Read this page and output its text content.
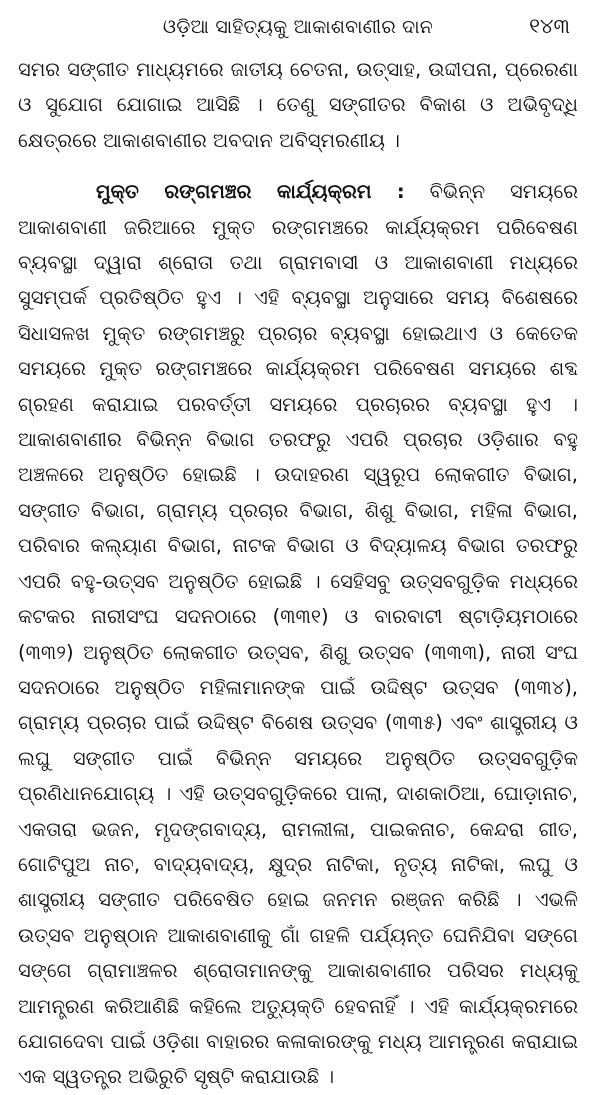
ଓଡ଼ିଆ ସାହିତ୍ୟକୁ ଆକାଶବାଣୀର ଦାନ	୧୪୩

ସମର ସଙ୍ଗୀତ ମାଧ୍ୟମରେ ଜାତୀୟ ଚେତନା, ଉତ୍ସାହ, ଉଦ୍ଦୀପନା, ପ୍ରେରଣା ଓ ସୁଯୋଗ ଯୋଗାଇ ଆସିଛି । ତେଣୁ ସଙ୍ଗୀତର ବିକାଶ ଓ ଅଭିବୃଦ୍ଧି କ୍ଷେତ୍ରରେ ଆକାଶବାଣୀର ଅବଦାନ ଅବିସ୍ମରଣୀୟ ।

ମୁକ୍ତ ରଙ୍ଗମଞ୍ଚର କାର୍ଯ୍ୟକ୍ରମ : ବିଭିନ୍ନ ସମୟରେ ଆକାଶବାଣୀ ଜରିଆରେ ମୁକ୍ତ ରଙ୍ଗମଞ୍ଚରେ କାର୍ଯ୍ୟକ୍ରମ ପରିବେଷଣ ବ୍ୟବସ୍ଥା ଦ୍ୱାରା ଶ୍ରୋତା ତଥା ଗ୍ରାମବାସୀ ଓ ଆକାଶବାଣୀ ମଧ୍ୟରେ ସୁସମ୍ପର୍କ ପ୍ରତିଷ୍ଠିତ ହୁଏ । ଏହି ବ୍ୟବସ୍ଥା ଅନୁସାରେ ସମୟ ବିଶେଷରେ ସିଧାସଳଖ ମୁକ୍ତ ରଙ୍ଗମଞ୍ଚରୁ ପ୍ରଚାର ବ୍ୟବସ୍ଥା ହୋଇଥାଏ ଓ କେତେକ ସମୟରେ ମୁକ୍ତ ରଙ୍ଗମଞ୍ଚରେ କାର୍ଯ୍ୟକ୍ରମ ପରିବେଷଣ ସମୟରେ ଶବ୍ଦ ଗ୍ରହଣ କରାଯାଇ ପରବର୍ତ୍ତୀ ସମୟରେ ପ୍ରଚାରର ବ୍ୟବସ୍ଥା ହୁଏ । ଆକାଶବାଣୀର ବିଭିନ୍ନ ବିଭାଗ ତରଫରୁ ଏପରି ପ୍ରଚାର ଓଡ଼ିଶାର ବହୁ ଅଞ୍ଚଳରେ ଅନୁଷ୍ଠିତ ହୋଇଛି । ଉଦାହରଣ ସ୍ୱରୂପ ଲୋକଗୀତ ବିଭାଗ, ସଙ୍ଗୀତ ବିଭାଗ, ଗ୍ରାମ୍ୟ ପ୍ରଚାର ବିଭାଗ, ଶିଶୁ ବିଭାଗ, ମହିଳା ବିଭାଗ, ପରିବାର କଲ୍ୟାଣ ବିଭାଗ, ନାଟକ ବିଭାଗ ଓ ବିଦ୍ୟାଳୟ ବିଭାଗ ତରଫରୁ ଏପରି ବହୁ-ଉତ୍ସବ ଅନୁଷ୍ଠିତ ହୋଇଛି । ସେହିସବୁ ଉତ୍ସବଗୁଡ଼ିକ ମଧ୍ୟରେ କଟକର ନାରୀସଂଘ ସଦନଠାରେ (୩୩୧) ଓ ବାରବାଟୀ ଷ୍ଟାଡ଼ିୟମଠାରେ (୩୩୨) ଅନୁଷ୍ଠିତ ଲୋକଗୀତ ଉତ୍ସବ, ଶିଶୁ ଉତ୍ସବ (୩୩୩), ନାରୀ ସଂଘ ସଦନଠାରେ ଅନୁଷ୍ଠିତ ମହିଳାମାନଙ୍କ ପାଇଁ ଉଦ୍ଦିଷ୍ଟ ଉତ୍ସବ (୩୩୪), ଗ୍ରାମ୍ୟ ପ୍ରଚାର ପାଇଁ ଉଦ୍ଦିଷ୍ଟ ବିଶେଷ ଉତ୍ସବ (୩୩୫) ଏବଂ ଶାସ୍ତ୍ରୀୟ ଓ ଲଘୁ ସଙ୍ଗୀତ ପାଇଁ ବିଭିନ୍ନ ସମୟରେ ଅନୁଷ୍ଠିତ ଉତ୍ସବଗୁଡ଼ିକ ପ୍ରଣିଧାନଯୋଗ୍ୟ । ଏହି ଉତ୍ସବଗୁଡ଼ିକରେ ପାଲା, ଦାଶକାଠିଆ, ଘୋଡ଼ାନାଚ, ଏକତାରା ଭଜନ, ମୃଦଙ୍ଗବାଦ୍ୟ, ରାମଲୀଳା, ପାଇକନାଚ, କେନ୍ଦରା ଗୀତ, ଗୋଟିପୁଅ ନାଚ, ବାଦ୍ୟବାଦ୍ୟ, କ୍ଷୁଦ୍ର ନାଟିକା, ନୃତ୍ୟ ନାଟିକା, ଲଘୁ ଓ ଶାସ୍ତ୍ରୀୟ ସଙ୍ଗୀତ ପରିବେଷିତ ହୋଇ ଜନମନ ରଞ୍ଜନ କରିଛି । ଏଭଳି ଉତ୍ସବ ଅନୁଷ୍ଠାନ ଆକାଶବାଣୀକୁ ଗାଁ ଗହଳି ପର୍ଯ୍ୟନ୍ତ ଘେନିଯିବା ସଙ୍ଗେ ସଙ୍ଗେ ଗ୍ରାମାଞ୍ଚଳର ଶ୍ରୋତାମାନଙ୍କୁ ଆକାଶବାଣୀର ପରିସର ମଧ୍ୟକୁ ଆମନ୍ତ୍ରଣ କରିଆଣିଛି କହିଲେ ଅତ୍ୟୁକ୍ତି ହେବନାହିଁ । ଏହି କାର୍ଯ୍ୟକ୍ରମରେ ଯୋଗଦେବା ପାଇଁ ଓଡ଼ିଶା ବାହାରର କଳାକାରଙ୍କୁ ମଧ୍ୟ ଆମନ୍ତ୍ରଣ କରାଯାଇ ଏକ ସ୍ୱତନ୍ତ୍ର ଅଭିରୁଚି ସୃଷ୍ଟି କରାଯାଉଛି ।
